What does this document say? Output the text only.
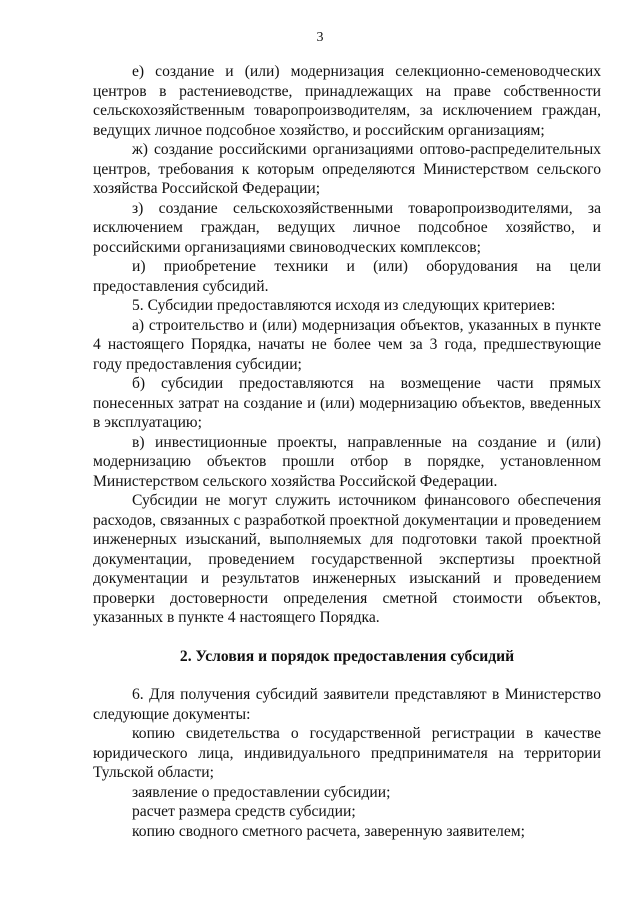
3

е) создание и (или) модернизация селекционно-семеноводческих центров в растениеводстве, принадлежащих на праве собственности сельскохозяйственным товаропроизводителям, за исключением граждан, ведущих личное подсобное хозяйство, и российским организациям;

ж) создание российскими организациями оптово-распределительных центров, требования к которым определяются Министерством сельского хозяйства Российской Федерации;

з) создание сельскохозяйственными товаропроизводителями, за исключением граждан, ведущих личное подсобное хозяйство, и российскими организациями свиноводческих комплексов;

и) приобретение техники и (или) оборудования на цели предоставления субсидий.

5. Субсидии предоставляются исходя из следующих критериев:

а) строительство и (или) модернизация объектов, указанных в пункте 4 настоящего Порядка, начаты не более чем за 3 года, предшествующие году предоставления субсидии;

б) субсидии предоставляются на возмещение части прямых понесенных затрат на создание и (или) модернизацию объектов, введенных в эксплуатацию;

в) инвестиционные проекты, направленные на создание и (или) модернизацию объектов прошли отбор в порядке, установленном Министерством сельского хозяйства Российской Федерации.

Субсидии не могут служить источником финансового обеспечения расходов, связанных с разработкой проектной документации и проведением инженерных изысканий, выполняемых для подготовки такой проектной документации, проведением государственной экспертизы проектной документации и результатов инженерных изысканий и проведением проверки достоверности определения сметной стоимости объектов, указанных в пункте 4 настоящего Порядка.

2. Условия и порядок предоставления субсидий

6. Для получения субсидий заявители представляют в Министерство следующие документы:

копию свидетельства о государственной регистрации в качестве юридического лица, индивидуального предпринимателя на территории Тульской области;

заявление о предоставлении субсидии;

расчет размера средств субсидии;

копию сводного сметного расчета, заверенную заявителем;
